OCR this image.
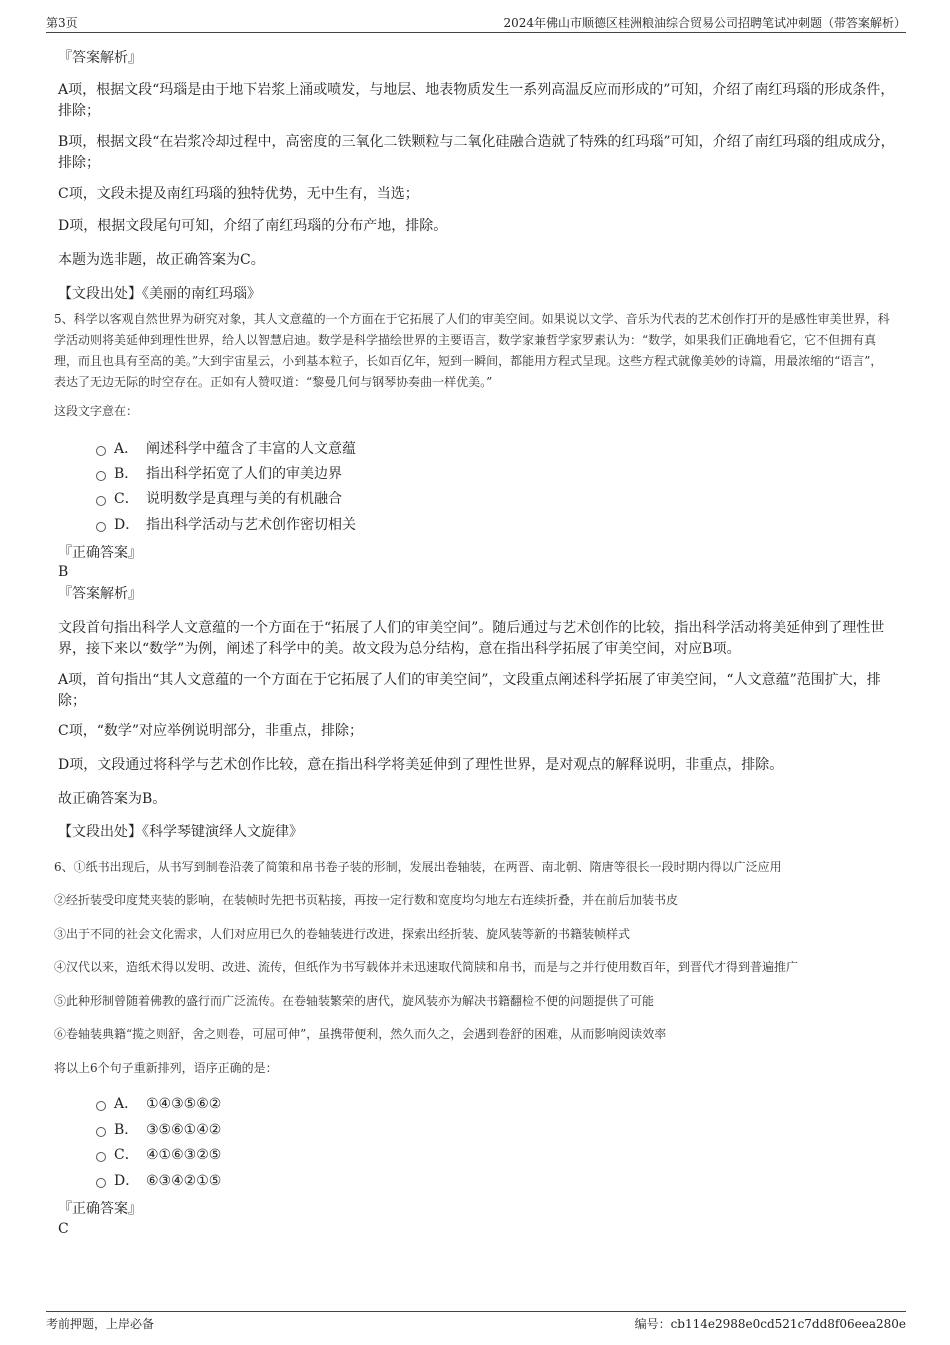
第3页	2024年佛山市顺德区桂洲粮油综合贸易公司招聘笔试冲刺题（带答案解析）
『答案解析』
A项，根据文段“玛瑙是由于地下岩浆上涌或喷发，与地层、地表物质发生一系列高温反应而形成的”可知，介绍了南红玛瑙的形成条件，排除；
B项，根据文段“在岩浆冷却过程中，高密度的三氧化二铁颗粒与二氧化硅融合造就了特殊的红玛瑙”可知，介绍了南红玛瑙的组成成分，排除；
C项，文段未提及南红玛瑙的独特优势，无中生有，当选；
D项，根据文段尾句可知，介绍了南红玛瑙的分布产地，排除。
本题为选非题，故正确答案为C。
【文段出处】《美丽的南红玛瑙》
5、科学以客观自然世界为研究对象，其人文意蕴的一个方面在于它拓展了人们的审美空间。如果说以文学、音乐为代表的艺术创作打开的是感性审美世界，科学活动则将美延伸到理性世界，给人以智慧启迪。数学是科学描绘世界的主要语言，数学家兼哲学家罗素认为：“数学，如果我们正确地看它，它不但拥有真理，而且也具有至高的美。”大到宇宙星云，小到基本粒子，长如百亿年，短到一瞬间，都能用方程式呈现。这些方程式就像美妙的诗篇，用最浓缩的“语言”，表达了无边无际的时空存在。正如有人赞叹道：“黎曼几何与钢琴协奏曲一样优美。”
这段文字意在：
A． 阐述科学中蕴含了丰富的人文意蕴
B． 指出科学拓宽了人们的审美边界
C． 说明数学是真理与美的有机融合
D． 指出科学活动与艺术创作密切相关
『正确答案』
B
『答案解析』
文段首句指出科学人文意蕴的一个方面在于“拓展了人们的审美空间”。随后通过与艺术创作的比较，指出科学活动将美延伸到了理性世界，接下来以“数学”为例，阐述了科学中的美。故文段为总分结构，意在指出科学拓展了审美空间，对应B项。
A项，首句指出“其人文意蕴的一个方面在于它拓展了人们的审美空间”，文段重点阐述科学拓展了审美空间，“人文意蕴”范围扩大，排除；
C项，“数学”对应举例说明部分，非重点，排除；
D项，文段通过将科学与艺术创作比较，意在指出科学将美延伸到了理性世界，是对观点的解释说明，非重点，排除。
故正确答案为B。
【文段出处】《科学琴键演绎人文旋律》
6、①纸书出现后，从书写到制卷沿袭了简策和帛书卷子装的形制，发展出卷轴装，在两晋、南北朝、隋唐等很长一段时期内得以广泛应用
②经折装受印度梵夹装的影响，在装帧时先把书页粘接，再按一定行数和宽度均匀地左右连续折叠，并在前后加装书皮
③出于不同的社会文化需求，人们对应用已久的卷轴装进行改进，探索出经折装、旋风装等新的书籍装帧样式
④汉代以来，造纸术得以发明、改进、流传，但纸作为书写载体并未迅速取代简牍和帛书，而是与之并行使用数百年，到晋代才得到普遍推广
⑤此种形制曾随着佛教的盛行而广泛流传。在卷轴装繁荣的唐代，旋风装亦为解决书籍翻检不便的问题提供了可能
⑥卷轴装典籍“揽之则舒，舍之则卷，可屈可伸”，虽携带便利，然久而久之，会遇到卷舒的困难，从而影响阅读效率
将以上6个句子重新排列，语序正确的是：
A． ①④③⑤⑥②
B． ③⑤⑥①④②
C． ④①⑥③②⑤
D． ⑥③④②①⑤
『正确答案』
C
考前押题，上岸必备	编号：cb114e2988e0cd521c7dd8f06eea280e
